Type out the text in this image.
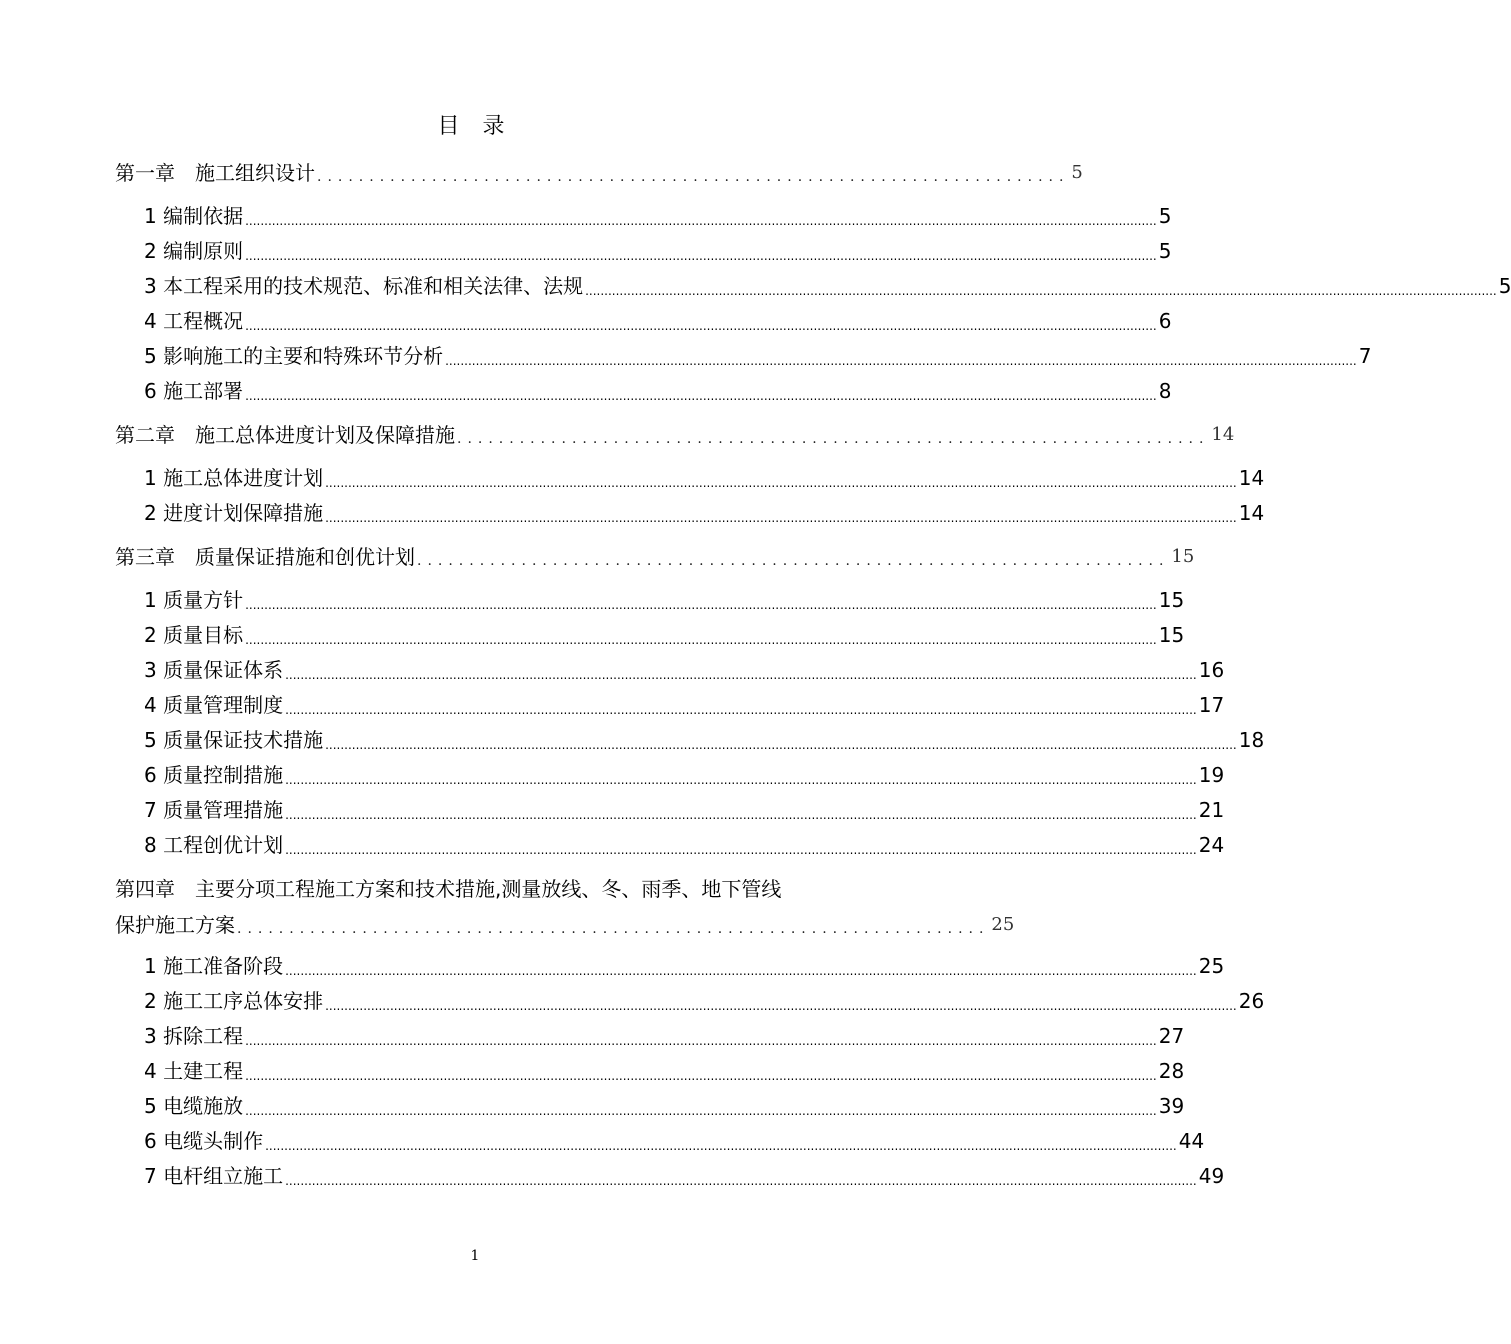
目 录
第一章 施工组织设计 ........................................................................ 5
1 编制依据 ............................................................................................................................................................................................................................................... 5
2 编制原则 ............................................................................................................................................................................................................................................... 5
3 本工程采用的技术规范、标准和相关法律、法规 ............................................................................................................................................................................................................................................... 5
4 工程概况 ............................................................................................................................................................................................................................................... 6
5 影响施工的主要和特殊环节分析 ............................................................................................................................................................................................................................................... 7
6 施工部署 ............................................................................................................................................................................................................................................... 8
第二章 施工总体进度计划及保障措施 ........................................................................ 14
1 施工总体进度计划 ............................................................................................................................................................................................................................................... 14
2 进度计划保障措施 ............................................................................................................................................................................................................................................... 14
第三章 质量保证措施和创优计划 ........................................................................ 15
1 质量方针 ............................................................................................................................................................................................................................................... 15
2 质量目标 ............................................................................................................................................................................................................................................... 15
3 质量保证体系 ............................................................................................................................................................................................................................................... 16
4 质量管理制度 ............................................................................................................................................................................................................................................... 17
5 质量保证技术措施 ............................................................................................................................................................................................................................................... 18
6 质量控制措施 ............................................................................................................................................................................................................................................... 19
7 质量管理措施 ............................................................................................................................................................................................................................................... 21
8 工程创优计划 ............................................................................................................................................................................................................................................... 24
第四章 主要分项工程施工方案和技术措施,测量放线、冬、雨季、地下管线
保护施工方案 ........................................................................ 25
1 施工准备阶段 ............................................................................................................................................................................................................................................... 25
2 施工工序总体安排 ............................................................................................................................................................................................................................................... 26
3 拆除工程 ............................................................................................................................................................................................................................................... 27
4 土建工程 ............................................................................................................................................................................................................................................... 28
5 电缆施放 ............................................................................................................................................................................................................................................... 39
6 电缆头制作 ............................................................................................................................................................................................................................................... 44
7 电杆组立施工 ............................................................................................................................................................................................................................................... 49
1
